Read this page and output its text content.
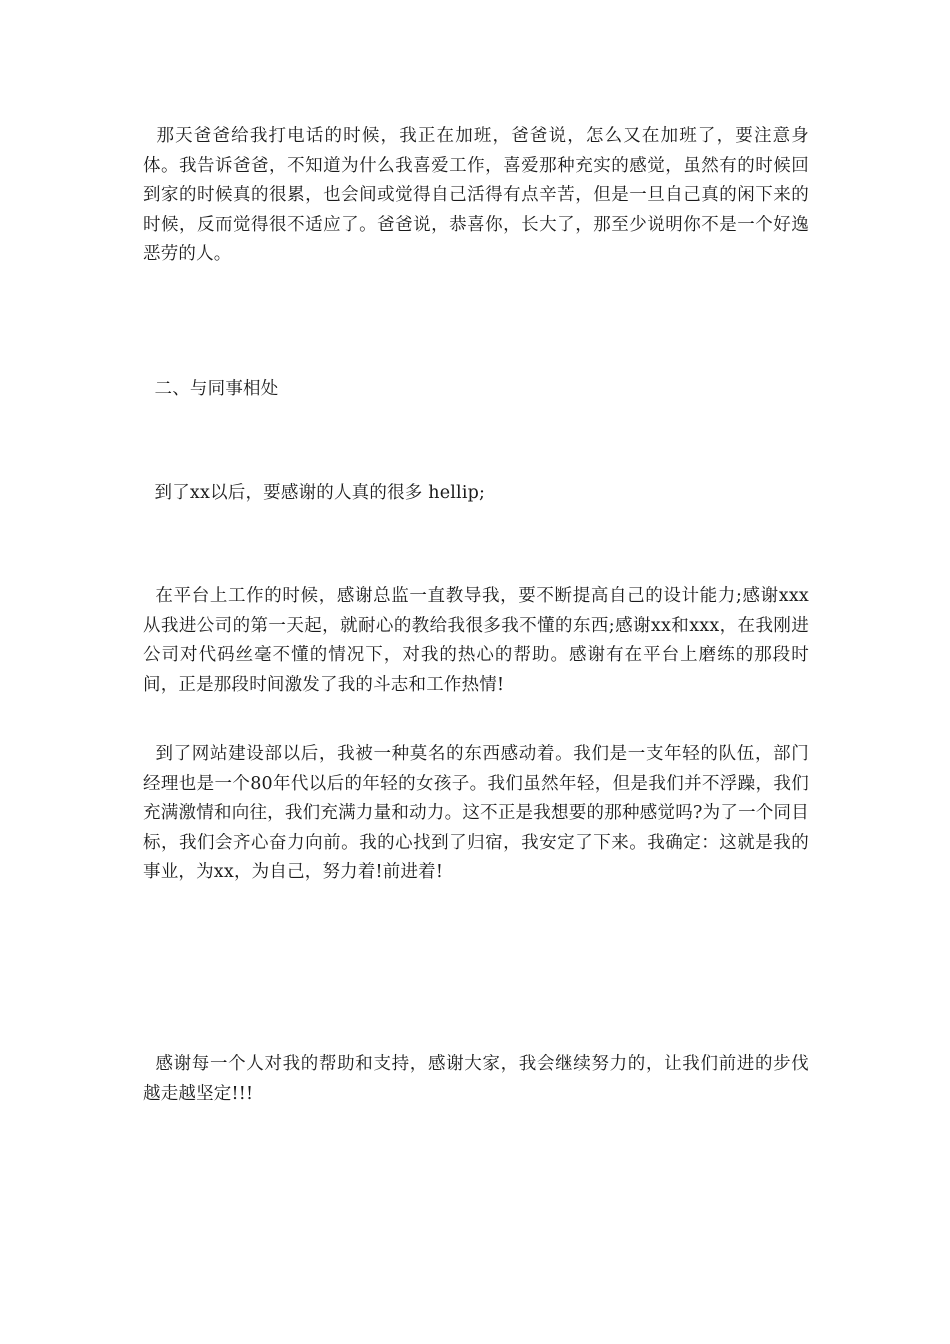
那天爸爸给我打电话的时候，我正在加班，爸爸说，怎么又在加班了，要注意身体。我告诉爸爸，不知道为什么我喜爱工作，喜爱那种充实的感觉，虽然有的时候回到家的时候真的很累，也会间或觉得自己活得有点辛苦，但是一旦自己真的闲下来的时候，反而觉得很不适应了。爸爸说，恭喜你，长大了，那至少说明你不是一个好逸恶劳的人。

二、与同事相处

到了xx以后，要感谢的人真的很多 hellip;

在平台上工作的时候，感谢总监一直教导我，要不断提高自己的设计能力;感谢xxx从我进公司的第一天起，就耐心的教给我很多我不懂的东西;感谢xx和xxx，在我刚进公司对代码丝毫不懂的情况下，对我的热心的帮助。感谢有在平台上磨练的那段时间，正是那段时间激发了我的斗志和工作热情!

到了网站建设部以后，我被一种莫名的东西感动着。我们是一支年轻的队伍，部门经理也是一个80年代以后的年轻的女孩子。我们虽然年轻，但是我们并不浮躁，我们充满激情和向往，我们充满力量和动力。这不正是我想要的那种感觉吗?为了一个同目标，我们会齐心奋力向前。我的心找到了归宿，我安定了下来。我确定：这就是我的事业，为xx，为自己，努力着!前进着!

感谢每一个人对我的帮助和支持，感谢大家，我会继续努力的，让我们前进的步伐越走越坚定!!!
